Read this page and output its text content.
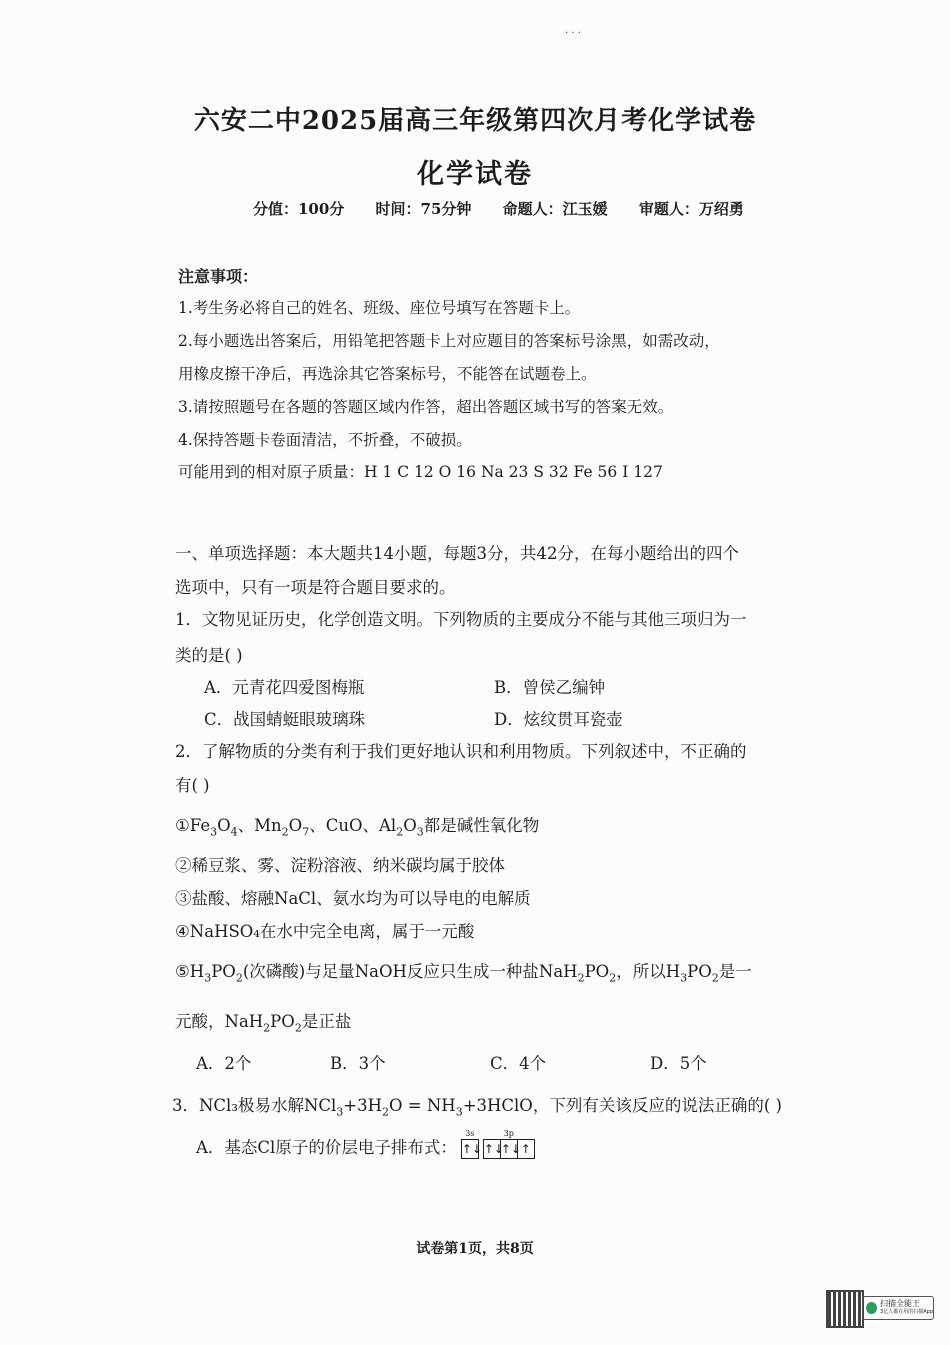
· · ·
六安二中2025届高三年级第四次月考化学试卷
化学试卷
分值：100分 时间：75分钟 命题人：江玉媛 审题人：万绍勇
注意事项：
1.考生务必将自己的姓名、班级、座位号填写在答题卡上。
2.每小题选出答案后，用铅笔把答题卡上对应题目的答案标号涂黑，如需改动，
用橡皮擦干净后，再选涂其它答案标号，不能答在试题卷上。
3.请按照题号在各题的答题区域内作答，超出答题区域书写的答案无效。
4.保持答题卡卷面清洁，不折叠，不破损。
可能用到的相对原子质量：H 1 C 12 O 16 Na 23 S 32 Fe 56 I 127
一、单项选择题：本大题共14小题，每题3分，共42分，在每小题给出的四个
选项中，只有一项是符合题目要求的。
1．文物见证历史，化学创造文明。下列物质的主要成分不能与其他三项归为一
类的是( )
A．元青花四爱图梅瓶	B．曾侯乙编钟
C．战国蜻蜓眼玻璃珠	D．炫纹贯耳瓷壶
2．了解物质的分类有利于我们更好地认识和利用物质。下列叙述中，不正确的
有( )
$①Fe_3O_4$、$Mn_2O_7$、CuO、$Al_2O_3$都是碱性氧化物
②稀豆浆、雾、淀粉溶液、纳米碳均属于胶体
③盐酸、熔融NaCl、氨水均为可以导电的电解质
④NaHSO₄在水中完全电离，属于一元酸
$⑤H_3PO_2$(次磷酸)与足量NaOH反应只生成一种盐$NaH_2PO_2$，所以$H_3PO_2$是一
元酸，$NaH_2PO_2$是正盐
A．2个	B．3个	C．4个	D．5个
3．NCl₃极易水解$NCl_3+3H_2O$ = $NH_3+3HClO$，下列有关该反应的说法正确的( )
A．基态Cl原子的价层电子排布式：
3s
↑↓
3p
↑↓
↑↓ ↑
试卷第1页，共8页
扫描全能王
3亿人都在用的扫描App
